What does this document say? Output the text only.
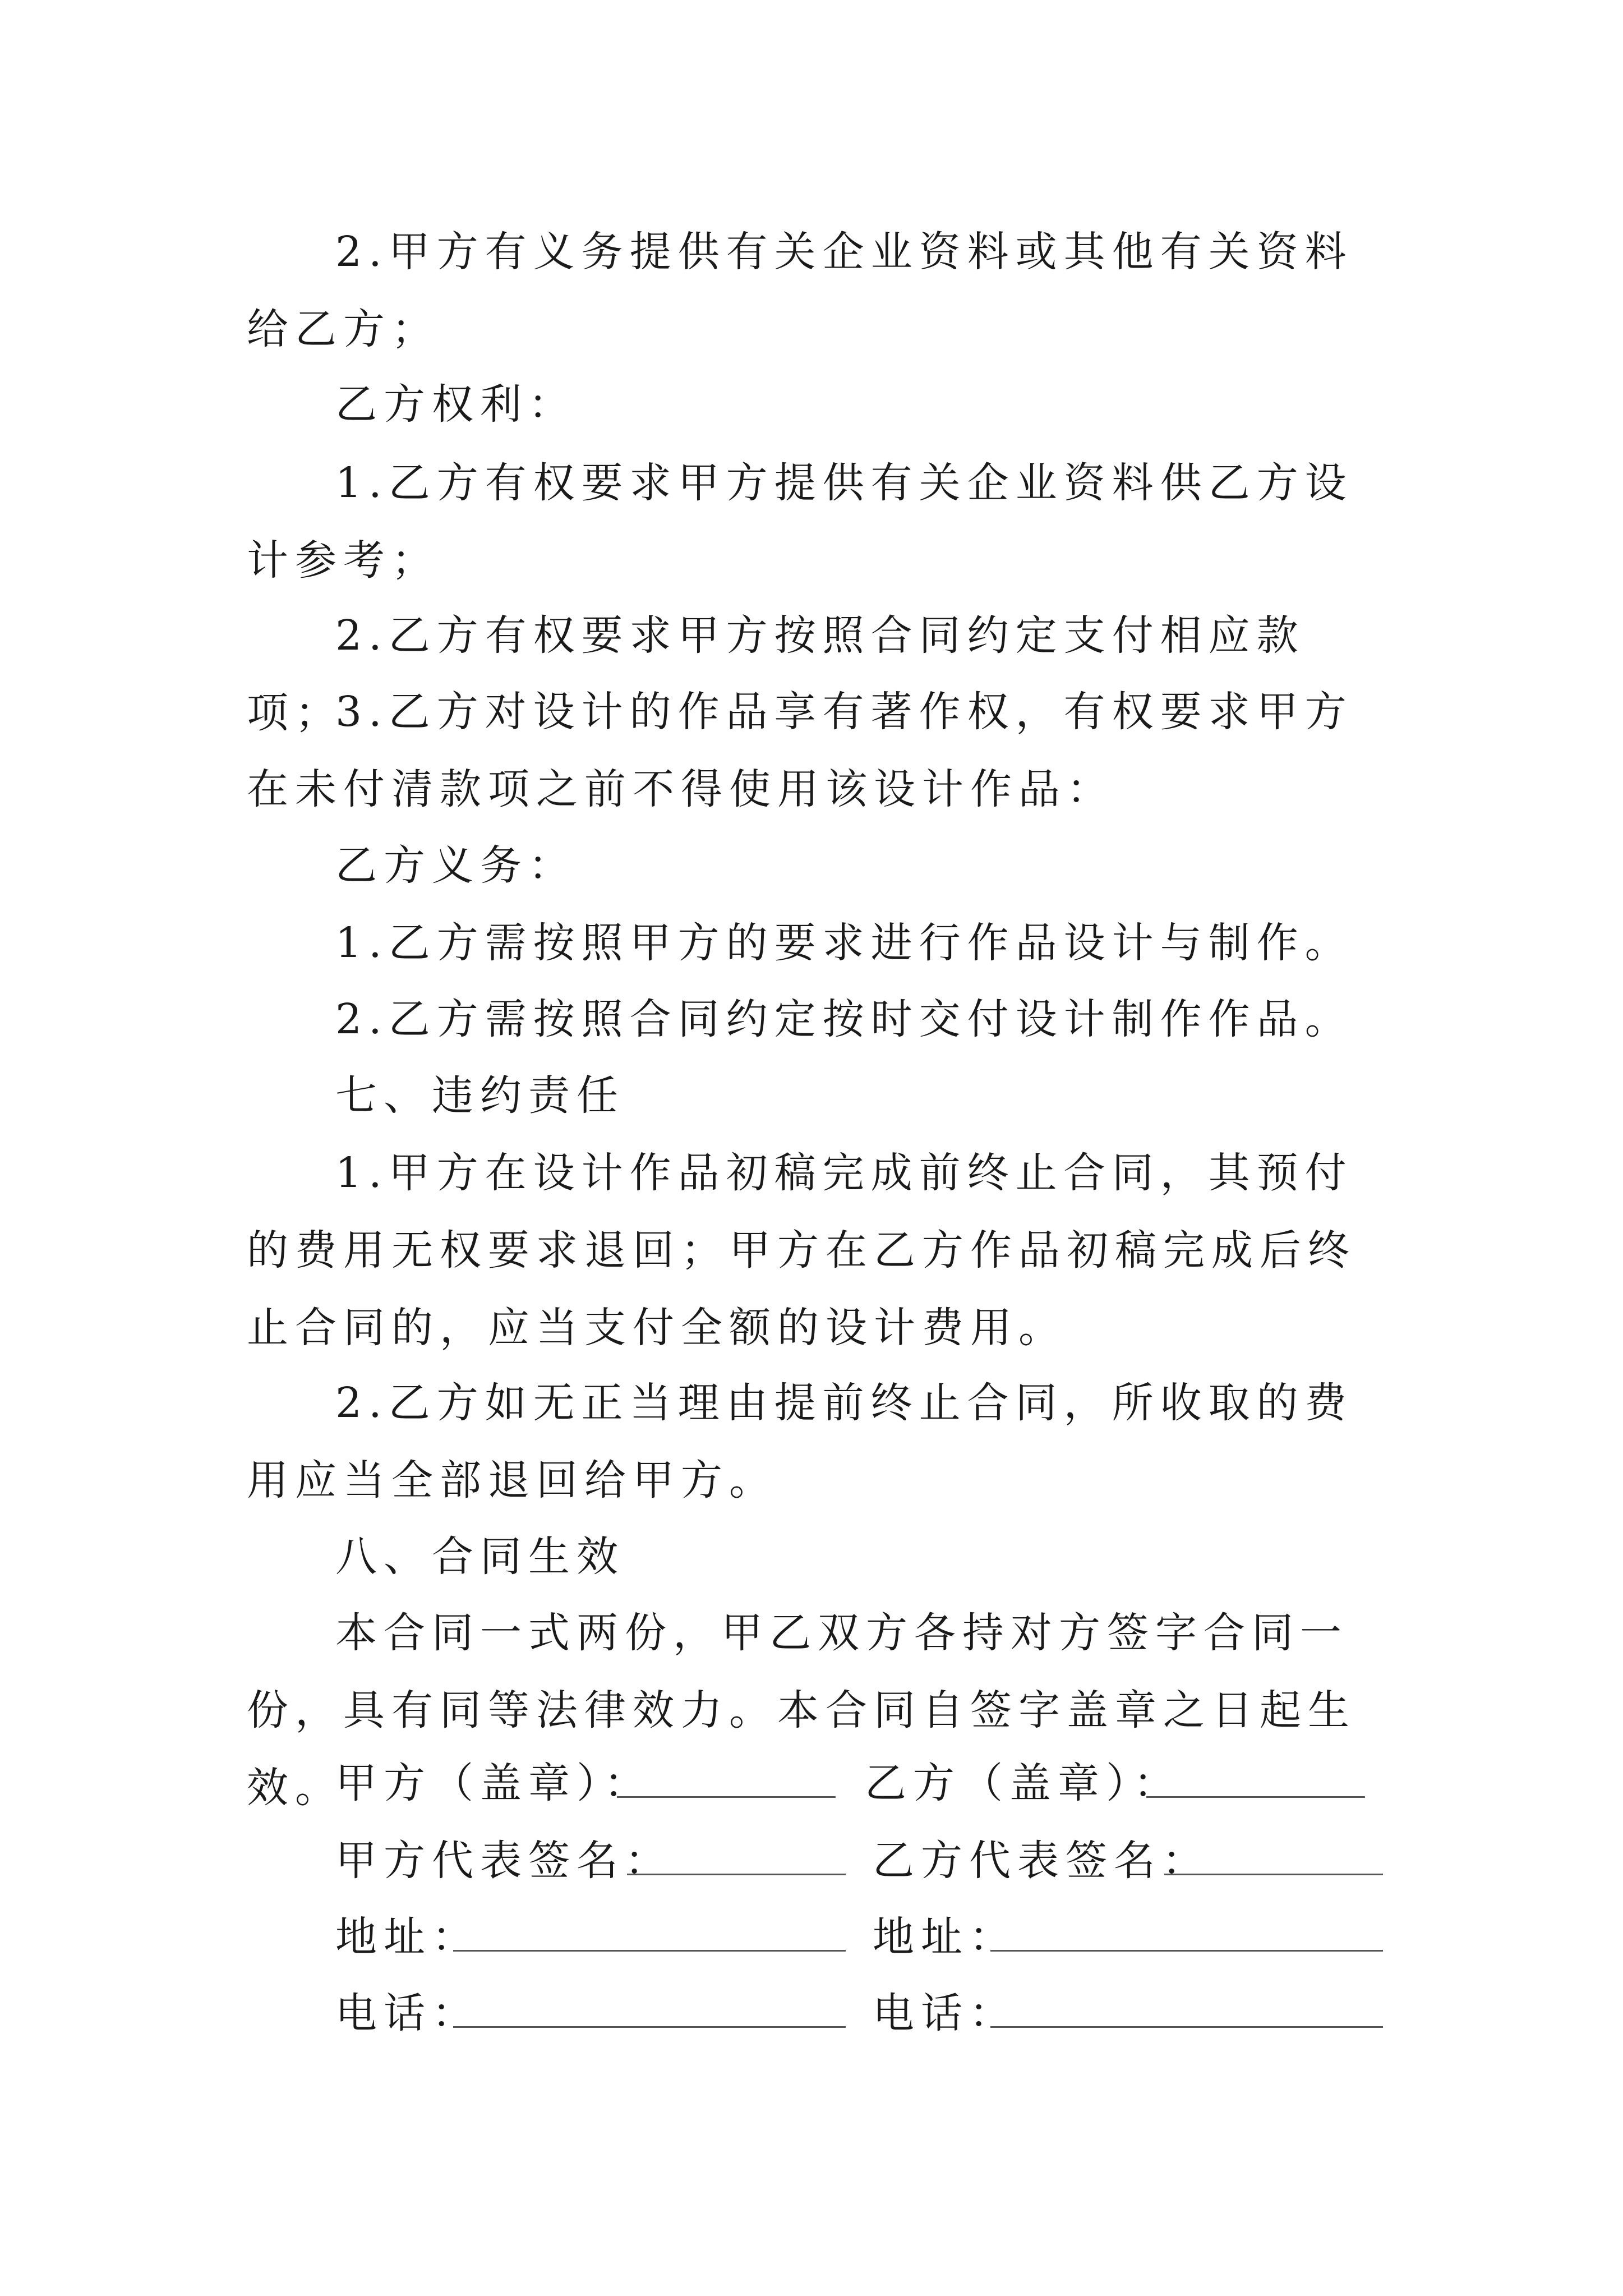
2.甲方有义务提供有关企业资料或其他有关资料给乙方；

乙方权利：

1.乙方有权要求甲方提供有关企业资料供乙方设计参考；

2.乙方有权要求甲方按照合同约定支付相应款项；

3.乙方对设计的作品享有著作权，有权要求甲方在未付清款项之前不得使用该设计作品：

乙方义务：

1.乙方需按照甲方的要求进行作品设计与制作。

2.乙方需按照合同约定按时交付设计制作作品。

七、违约责任

1.甲方在设计作品初稿完成前终止合同，其预付的费用无权要求退回；甲方在乙方作品初稿完成后终止合同的，应当支付全额的设计费用。

2.乙方如无正当理由提前终止合同，所收取的费用应当全部退回给甲方。

八、合同生效

本合同一式两份，甲乙双方各持对方签字合同一份，具有同等法律效力。本合同自签字盖章之日起生效。

甲方（盖章）：	乙方（盖章）：
甲方代表签名：	乙方代表签名：
地址：	地址：
电话：	电话：
